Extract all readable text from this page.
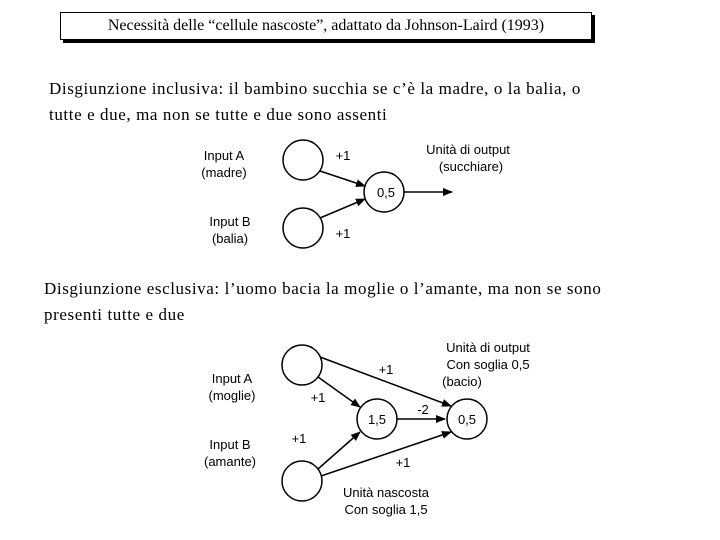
Necessità delle “cellule nascoste”, adattato da Johnson-Laird (1993)
Disgiunzione inclusiva: il bambino succhia se c’è la madre, o la balia, o
tutte e due, ma non se tutte e due sono assenti
Disgiunzione esclusiva: l’uomo bacia la moglie o l’amante, ma non se sono
presenti tutte e due
Input A
(madre)
Input B
(balia)
+1
+1
Unità di output
(succhiare)
0,5
Input A
(moglie)
Input B
(amante)
+1
+1
+1
+1
-2
1,5	0,5
Unità di output
Con soglia 0,5
(bacio)
Unità nascosta
Con soglia 1,5
